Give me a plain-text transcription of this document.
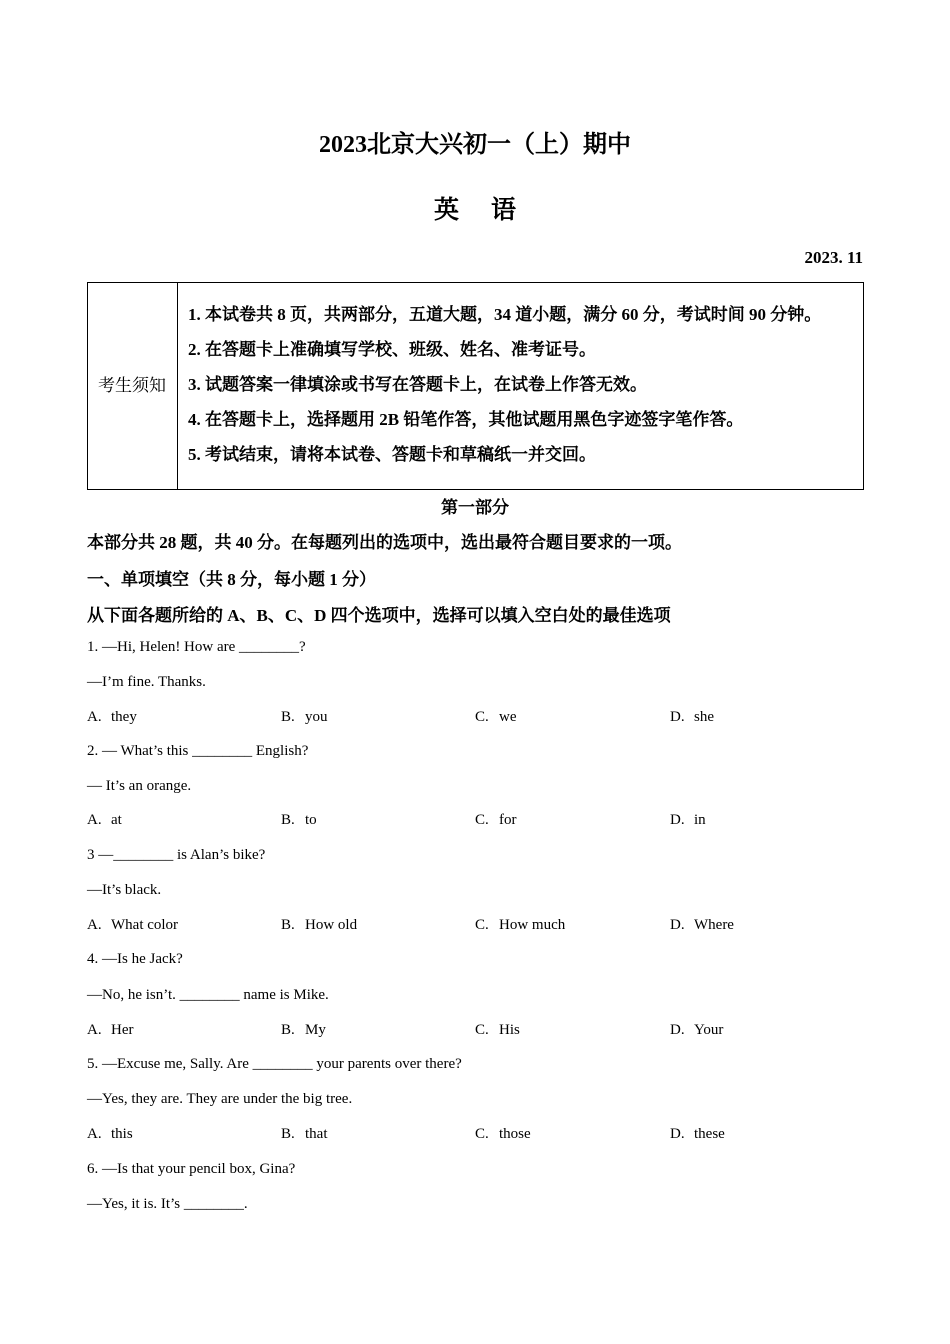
2023北京大兴初一（上）期中
英语
2023. 11
考生须知	
1. 本试卷共 8 页，共两部分，五道大题，34 道小题，满分 60 分，考试时间 90 分钟。
2. 在答题卡上准确填写学校、班级、姓名、准考证号。
3. 试题答案一律填涂或书写在答题卡上，在试卷上作答无效。
4. 在答题卡上，选择题用 2B 铅笔作答，其他试题用黑色字迹签字笔作答。
5. 考试结束，请将本试卷、答题卡和草稿纸一并交回。
第一部分
本部分共 28 题，共 40 分。在每题列出的选项中，选出最符合题目要求的一项。
一、单项填空（共 8 分，每小题 1 分）
从下面各题所给的 A、B、C、D 四个选项中，选择可以填入空白处的最佳选项
1. —Hi, Helen! How are ________?
—I’m fine. Thanks.
A. they	B. you	C. we	D. she
2. — What’s this ________ English?
— It’s an orange.
A. at	B. to	C. for	D. in
3 —________ is Alan’s bike?
—It’s black.
A. What color	B. How old	C. How much	D. Where
4. —Is he Jack?
—No, he isn’t. ________ name is Mike.
A. Her	B. My	C. His	D. Your
5. —Excuse me, Sally. Are ________ your parents over there?
—Yes, they are. They are under the big tree.
A. this	B. that	C. those	D. these
6. —Is that your pencil box, Gina?
—Yes, it is. It’s ________.
